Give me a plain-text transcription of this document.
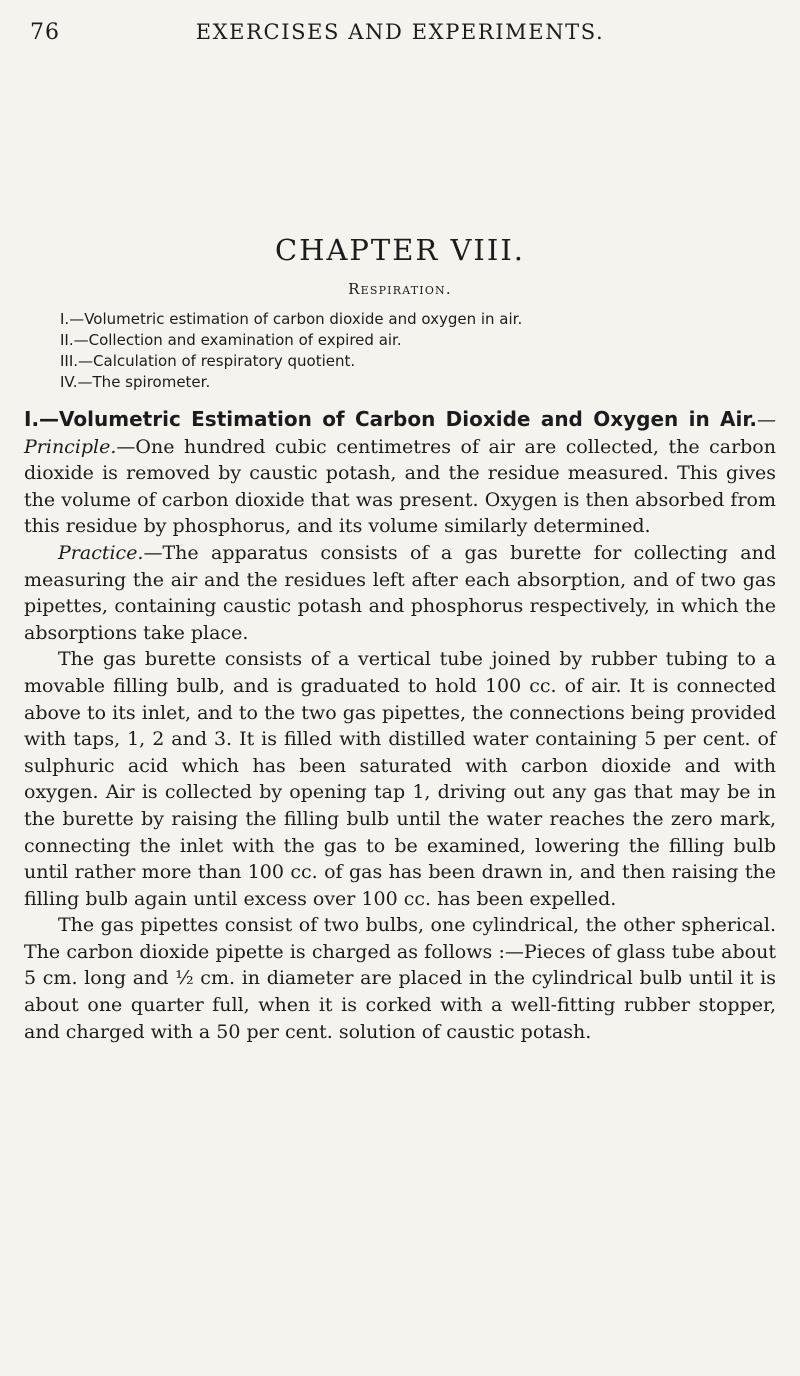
76	EXERCISES AND EXPERIMENTS.
CHAPTER VIII.
Respiration.
I.—Volumetric estimation of carbon dioxide and oxygen in air.
II.—Collection and examination of expired air.
III.—Calculation of respiratory quotient.
IV.—The spirometer.

I.—Volumetric Estimation of Carbon Dioxide and Oxygen in Air.—Principle.—One hundred cubic centimetres of air are collected, the carbon dioxide is removed by caustic potash, and the residue measured. This gives the volume of carbon dioxide that was present. Oxygen is then absorbed from this residue by phosphorus, and its volume similarly determined.

Practice.—The apparatus consists of a gas burette for collecting and measuring the air and the residues left after each absorption, and of two gas pipettes, containing caustic potash and phosphorus respectively, in which the absorptions take place.

The gas burette consists of a vertical tube joined by rubber tubing to a movable filling bulb, and is graduated to hold 100 cc. of air. It is connected above to its inlet, and to the two gas pipettes, the connections being provided with taps, 1, 2 and 3. It is filled with distilled water containing 5 per cent. of sulphuric acid which has been saturated with carbon dioxide and with oxygen. Air is collected by opening tap 1, driving out any gas that may be in the burette by raising the filling bulb until the water reaches the zero mark, connecting the inlet with the gas to be examined, lowering the filling bulb until rather more than 100 cc. of gas has been drawn in, and then raising the filling bulb again until excess over 100 cc. has been expelled.

The gas pipettes consist of two bulbs, one cylindrical, the other spherical. The carbon dioxide pipette is charged as follows :—Pieces of glass tube about 5 cm. long and ½ cm. in diameter are placed in the cylindrical bulb until it is about one quarter full, when it is corked with a well-fitting rubber stopper, and charged with a 50 per cent. solution of caustic potash.
